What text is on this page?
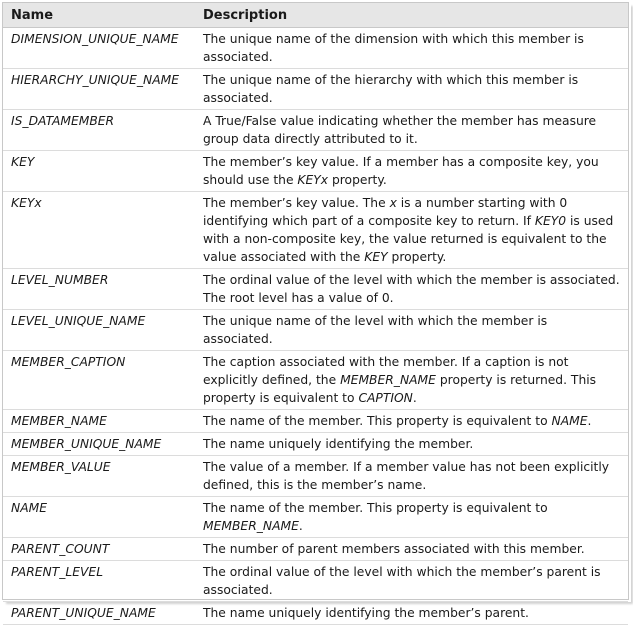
Name	Description
DIMENSION_UNIQUE_NAME	The unique name of the dimension with which this member is associated.
HIERARCHY_UNIQUE_NAME	The unique name of the hierarchy with which this member is associated.
IS_DATAMEMBER	A True/False value indicating whether the member has measure group data directly attributed to it.
KEY	The member’s key value. If a member has a composite key, you should use the KEYx property.
KEYx	The member’s key value. The x is a number starting with 0 identifying which part of a composite key to return. If KEY0 is used with a non-composite key, the value returned is equivalent to the value associated with the KEY property.
LEVEL_NUMBER	The ordinal value of the level with which the member is associated. The root level has a value of 0.
LEVEL_UNIQUE_NAME	The unique name of the level with which the member is associated.
MEMBER_CAPTION	The caption associated with the member. If a caption is not explicitly defined, the MEMBER_NAME property is returned. This property is equivalent to CAPTION.
MEMBER_NAME	The name of the member. This property is equivalent to NAME.
MEMBER_UNIQUE_NAME	The name uniquely identifying the member.
MEMBER_VALUE	The value of a member. If a member value has not been explicitly defined, this is the member’s name.
NAME	The name of the member. This property is equivalent to MEMBER_NAME.
PARENT_COUNT	The number of parent members associated with this member.
PARENT_LEVEL	The ordinal value of the level with which the member’s parent is associated.
PARENT_UNIQUE_NAME	The name uniquely identifying the member’s parent.
